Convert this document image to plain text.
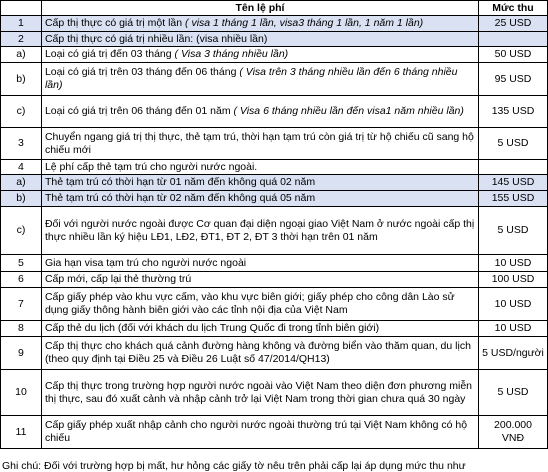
	Tên lệ phí	Mức thu
1	Cấp thị thực có giá trị một lần ( visa 1 tháng 1 lần, visa3 tháng 1 lần, 1 năm 1 lần)	25 USD
2	Cấp thị thực có giá trị nhiều lần: (visa nhiều lần)	
a)	Loại có giá trị đến 03 tháng ( Visa 3 tháng nhiều lần)	50 USD
b)	Loại có giá trị trên 03 tháng đến 06 tháng ( Visa trên 3 tháng nhiều lần đến 6 tháng nhiều lần)	95 USD
c)	Loại có giá trị trên 06 tháng đến 01 năm ( Visa 6 tháng nhiều lần đến visa1 năm nhiều lần)	135 USD
3	Chuyển ngang giá trị thị thực, thẻ tạm trú, thời hạn tạm trú còn giá trị từ hộ chiếu cũ sang hộ chiếu mới	5 USD
4	Lệ phí cấp thẻ tạm trú cho người nước ngoài.	
a)	Thẻ tạm trú có thời hạn từ 01 năm đến không quá 02 năm	145 USD
b)	Thẻ tạm trú có thời hạn từ 02 năm đến không quá 05 năm	155 USD
c)	Đối với người nước ngoài được Cơ quan đại diện ngoại giao Việt Nam ở nước ngoài cấp thị thực nhiều lần ký hiệu LĐ1, LĐ2, ĐT1, ĐT 2, ĐT 3 thời hạn trên 01 năm	5 USD
5	Gia hạn visa tạm trú cho người nước ngoài	10 USD
6	Cấp mới, cấp lại thẻ thường trú	100 USD
7	Cấp giấy phép vào khu vực cấm, vào khu vực biên giới; giấy phép cho công dân Lào sử dụng giấy thông hành biên giới vào các tỉnh nội địa của Việt Nam	10 USD
8	Cấp thẻ du lịch (đối với khách du lịch Trung Quốc đi trong tỉnh biên giới)	10 USD
9	Cấp thị thực cho khách quá cảnh đường hàng không và đường biển vào thăm quan, du lịch (theo quy định tại Điều 25 và Điều 26 Luật số 47/2014/QH13)	5 USD/người
10	Cấp thị thực trong trường hợp người nước ngoài vào Việt Nam theo diện đơn phương miễn thị thực, sau đó xuất cảnh và nhập cảnh trở lại Việt Nam trong thời gian chưa quá 30 ngày	5 USD
11	Cấp giấy phép xuất nhập cảnh cho người nước ngoài thường trú tại Việt Nam không có hộ chiếu	200.000 VNĐ
Ghi chú: Đối với trường hợp bị mất, hư hỏng các giấy tờ nêu trên phải cấp lại áp dụng mức thu như
